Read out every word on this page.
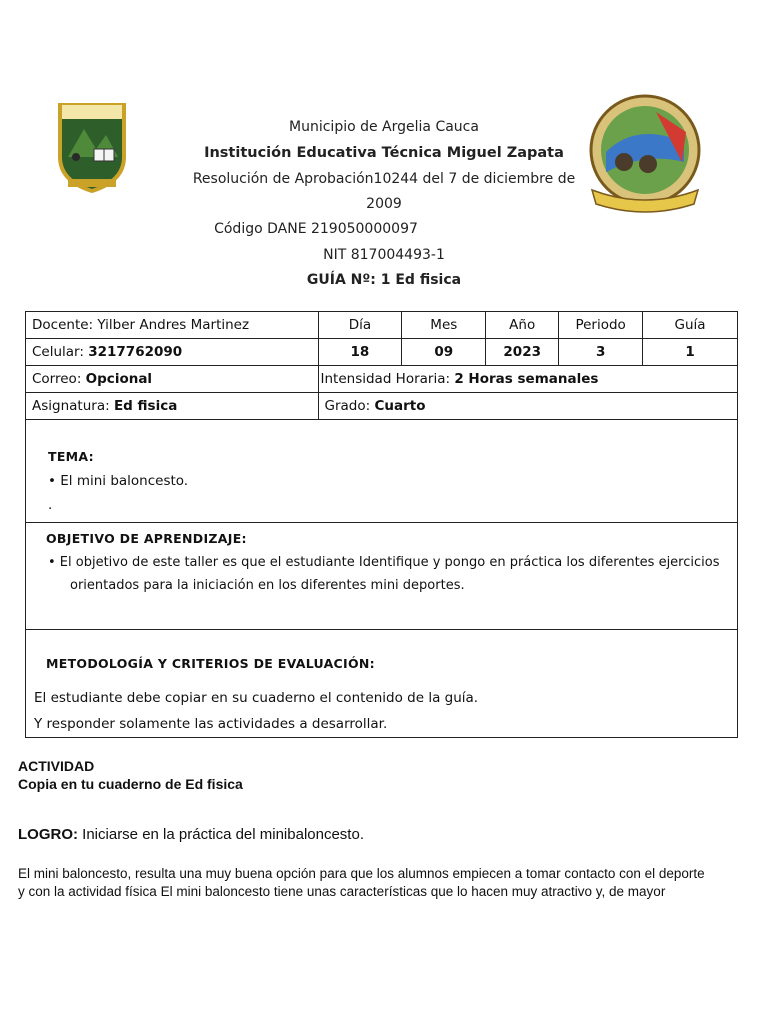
Municipio de Argelia Cauca
Institución Educativa Técnica Miguel Zapata
Resolución de Aprobación10244 del 7 de diciembre de
2009
Código DANE 219050000097
NIT 817004493-1
GUÍA Nº: 1 Ed fisica
Docente: Yilber Andres Martinez	Día	Mes	Año	Periodo	Guía
Celular: 3217762090	18	09	2023	3	1
Correo: Opcional	Intensidad Horaria: 2 Horas semanales				
Asignatura: Ed fisica	Grado: Cuarto				
TEMA:
• El mini baloncesto.
.
OBJETIVO DE APRENDIZAJE:
• El objetivo de este taller es que el estudiante Identifique y pongo en práctica los diferentes ejercicios
orientados para la iniciación en los diferentes mini deportes.
METODOLOGÍA Y CRITERIOS DE EVALUACIÓN:
El estudiante debe copiar en su cuaderno el contenido de la guía.
Y responder solamente las actividades a desarrollar.
ACTIVIDAD
Copia en tu cuaderno de Ed fisica
LOGRO: Iniciarse en la práctica del minibaloncesto.
El mini baloncesto, resulta una muy buena opción para que los alumnos empiecen a tomar contacto con el deporte
y con la actividad física El mini baloncesto tiene unas características que lo hacen muy atractivo y, de mayor
